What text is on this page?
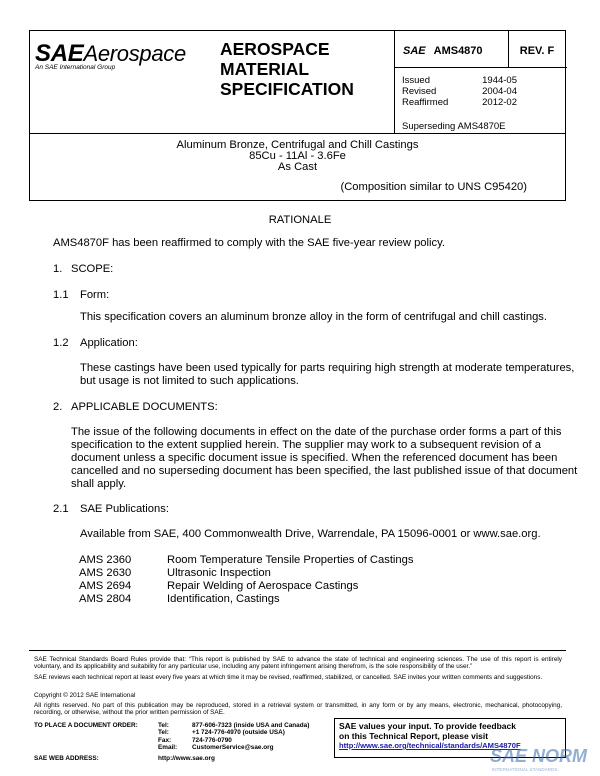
SAEAerospace
An SAE International Group
AEROSPACE
MATERIAL
SPECIFICATION
SAE AMS4870	REV. F
Issued	1944-05
Revised	2004-04
Reaffirmed	2012-02
Superseding AMS4870E
Aluminum Bronze, Centrifugal and Chill Castings
85Cu - 11Al - 3.6Fe
As Cast
(Composition similar to UNS C95420)
RATIONALE
AMS4870F has been reaffirmed to comply with the SAE five-year review policy.
1. SCOPE:
1.1 Form:
This specification covers an aluminum bronze alloy in the form of centrifugal and chill castings.
1.2 Application:
These castings have been used typically for parts requiring high strength at moderate temperatures,
but usage is not limited to such applications.
2. APPLICABLE DOCUMENTS:
The issue of the following documents in effect on the date of the purchase order forms a part of this
specification to the extent supplied herein. The supplier may work to a subsequent revision of a
document unless a specific document issue is specified. When the referenced document has been
cancelled and no superseding document has been specified, the last published issue of that document
shall apply.
2.1 SAE Publications:
Available from SAE, 400 Commonwealth Drive, Warrendale, PA 15096-0001 or www.sae.org.
AMS 2360	Room Temperature Tensile Properties of Castings
AMS 2630	Ultrasonic Inspection
AMS 2694	Repair Welding of Aerospace Castings
AMS 2804	Identification, Castings
SAE Technical Standards Board Rules provide that: “This report is published by SAE to advance the state of technical and engineering sciences. The use of this report is entirely voluntary, and its applicability and suitability for any particular use, including any patent infringement arising therefrom, is the sole responsibility of the user.”
SAE reviews each technical report at least every five years at which time it may be revised, reaffirmed, stabilized, or cancelled. SAE invites your written comments and suggestions.
Copyright © 2012 SAE International
All rights reserved. No part of this publication may be reproduced, stored in a retrieval system or transmitted, in any form or by any means, electronic, mechanical, photocopying, recording, or otherwise, without the prior written permission of SAE.
TO PLACE A DOCUMENT ORDER:	Tel:	877-606-7323 (inside USA and Canada)
Tel:	+1 724-776-4970 (outside USA)
Fax:	724-776-0790
Email:	CustomerService@sae.org
SAE WEB ADDRESS:	http://www.sae.org
SAE values your input. To provide feedback
on this Technical Report, please visit
http://www.sae.org/technical/standards/AMS4870F
SAE NORM
INTERNATIONAL STANDARDS
